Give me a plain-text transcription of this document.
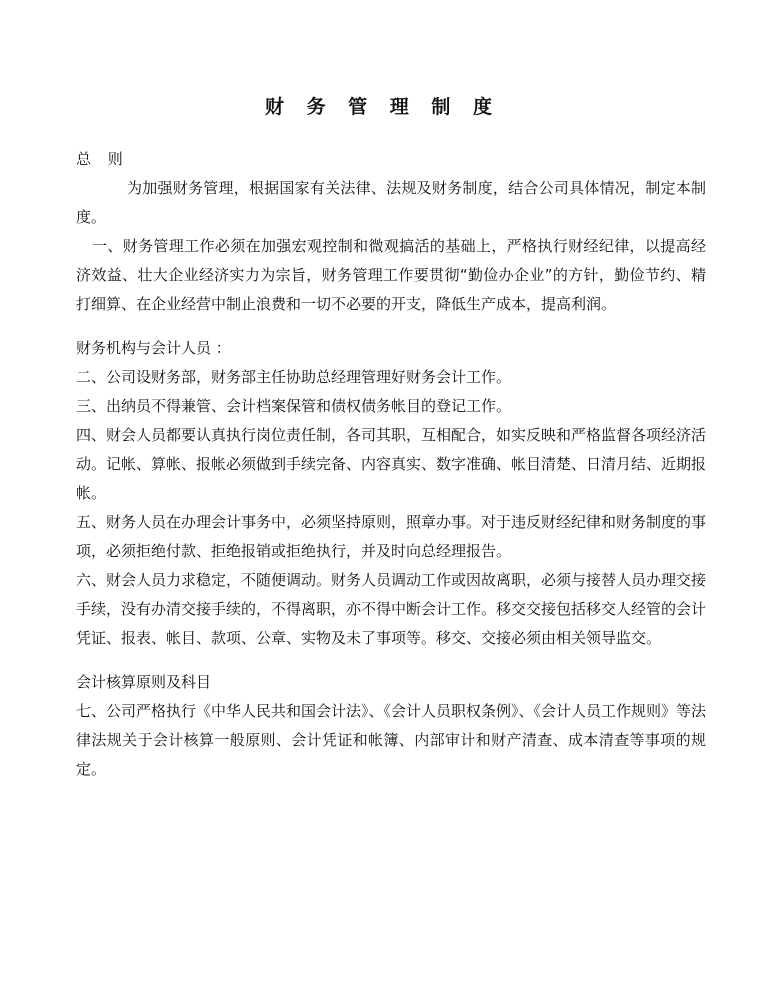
财 务 管 理 制 度

总 则

为加强财务管理，根据国家有关法律、法规及财务制度，结合公司具体情况，制定本制度。

一、财务管理工作必须在加强宏观控制和微观搞活的基础上，严格执行财经纪律，以提高经济效益、壮大企业经济实力为宗旨，财务管理工作要贯彻“勤俭办企业”的方针，勤俭节约、精打细算、在企业经营中制止浪费和一切不必要的开支，降低生产成本，提高利润。

财务机构与会计人员 ：

二、公司设财务部，财务部主任协助总经理管理好财务会计工作。

三、出纳员不得兼管、会计档案保管和债权债务帐目的登记工作。

四、财会人员都要认真执行岗位责任制，各司其职，互相配合，如实反映和严格监督各项经济活动。记帐、算帐、报帐必须做到手续完备、内容真实、数字准确、帐目清楚、日清月结、近期报帐。

五、财务人员在办理会计事务中，必须坚持原则，照章办事。对于违反财经纪律和财务制度的事项，必须拒绝付款、拒绝报销或拒绝执行，并及时向总经理报告。

六、财会人员力求稳定，不随便调动。财务人员调动工作或因故离职，必须与接替人员办理交接手续，没有办清交接手续的，不得离职，亦不得中断会计工作。移交交接包括移交人经管的会计凭证、报表、帐目、款项、公章、实物及未了事项等。移交、交接必须由相关领导监交。

会计核算原则及科目

七、公司严格执行《中华人民共和国会计法》、《会计人员职权条例》、《会计人员工作规则》等法律法规关于会计核算一般原则、会计凭证和帐簿、内部审计和财产清查、成本清查等事项的规定。
